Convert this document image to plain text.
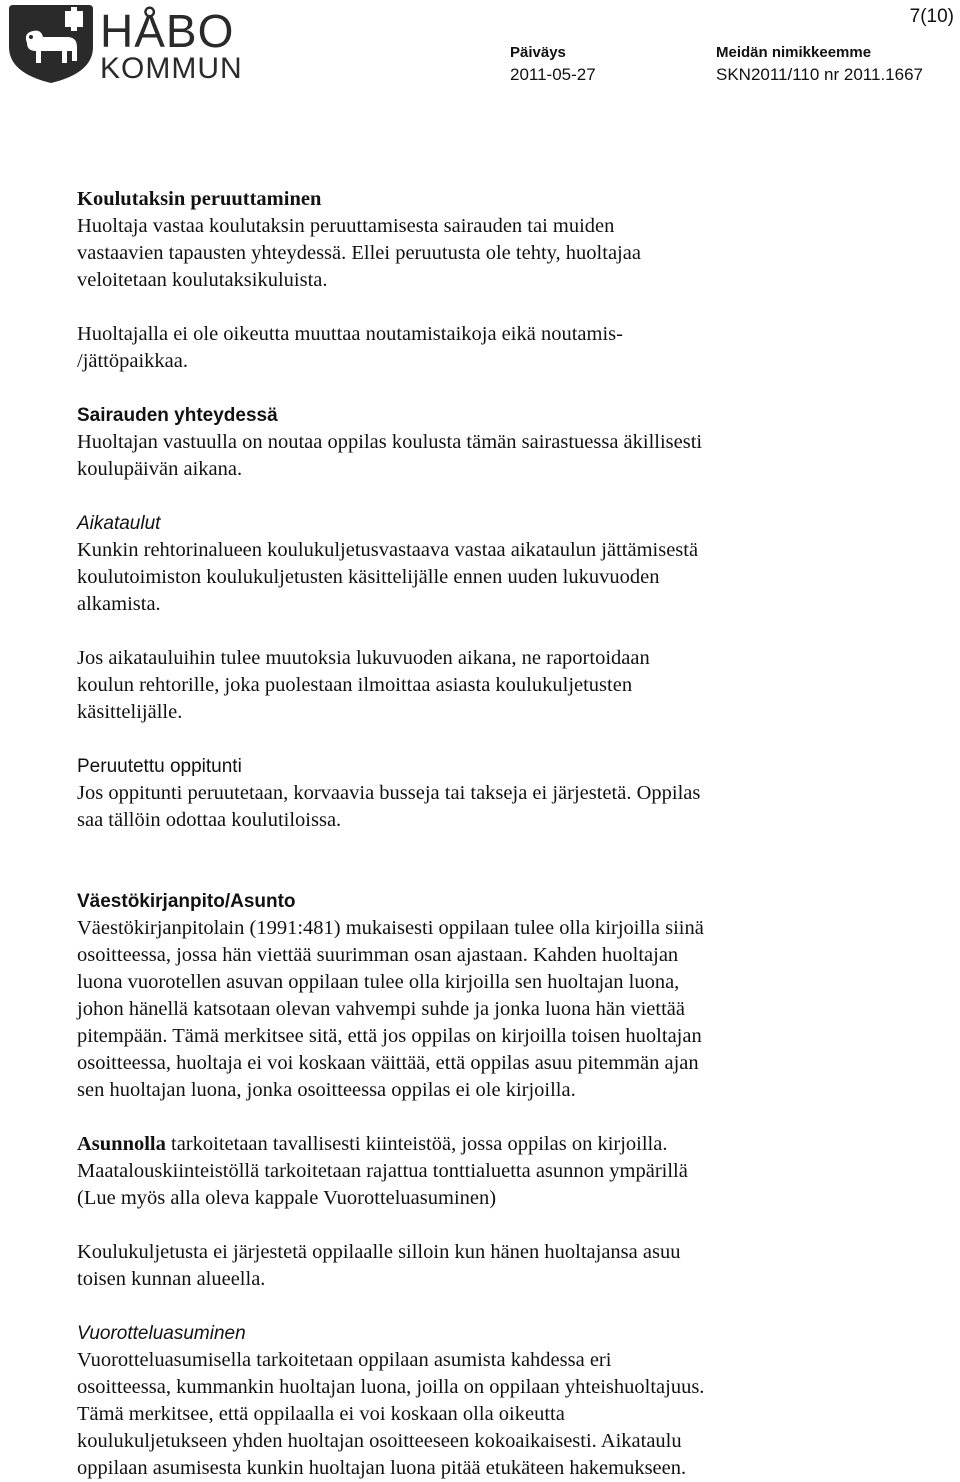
HÅBO
KOMMUN
7(10)
Päiväys
2011-05-27
Meidän nimikkeemme
SKN2011/110 nr 2011.1667

Koulutaksin peruuttaminen

Huoltaja vastaa koulutaksin peruuttamisesta sairauden tai muiden
vastaavien tapausten yhteydessä. Ellei peruutusta ole tehty, huoltajaa
veloitetaan koulutaksikuluista.

Huoltajalla ei ole oikeutta muuttaa noutamistaikoja eikä noutamis-
/jättöpaikkaa.

Sairauden yhteydessä

Huoltajan vastuulla on noutaa oppilas koulusta tämän sairastuessa äkillisesti
koulupäivän aikana.

Aikataulut

Kunkin rehtorinalueen koulukuljetusvastaava vastaa aikataulun jättämisestä
koulutoimiston koulukuljetusten käsittelijälle ennen uuden lukuvuoden
alkamista.

Jos aikatauluihin tulee muutoksia lukuvuoden aikana, ne raportoidaan
koulun rehtorille, joka puolestaan ilmoittaa asiasta koulukuljetusten
käsittelijälle.

Peruutettu oppitunti

Jos oppitunti peruutetaan, korvaavia busseja tai takseja ei järjestetä. Oppilas
saa tällöin odottaa koulutiloissa.

Väestökirjanpito/Asunto

Väestökirjanpitolain (1991:481) mukaisesti oppilaan tulee olla kirjoilla siinä
osoitteessa, jossa hän viettää suurimman osan ajastaan. Kahden huoltajan
luona vuorotellen asuvan oppilaan tulee olla kirjoilla sen huoltajan luona,
johon hänellä katsotaan olevan vahvempi suhde ja jonka luona hän viettää
pitempään. Tämä merkitsee sitä, että jos oppilas on kirjoilla toisen huoltajan
osoitteessa, huoltaja ei voi koskaan väittää, että oppilas asuu pitemmän ajan
sen huoltajan luona, jonka osoitteessa oppilas ei ole kirjoilla.

Asunnolla tarkoitetaan tavallisesti kiinteistöä, jossa oppilas on kirjoilla.
Maatalouskiinteistöllä tarkoitetaan rajattua tonttialuetta asunnon ympärillä
(Lue myös alla oleva kappale Vuorotteluasuminen)

Koulukuljetusta ei järjestetä oppilaalle silloin kun hänen huoltajansa asuu
toisen kunnan alueella.

Vuorotteluasuminen

Vuorotteluasumisella tarkoitetaan oppilaan asumista kahdessa eri
osoitteessa, kummankin huoltajan luona, joilla on oppilaan yhteishuoltajuus.
Tämä merkitsee, että oppilaalla ei voi koskaan olla oikeutta
koulukuljetukseen yhden huoltajan osoitteeseen kokoaikaisesti. Aikataulu
oppilaan asumisesta kunkin huoltajan luona pitää etukäteen hakemukseen.
